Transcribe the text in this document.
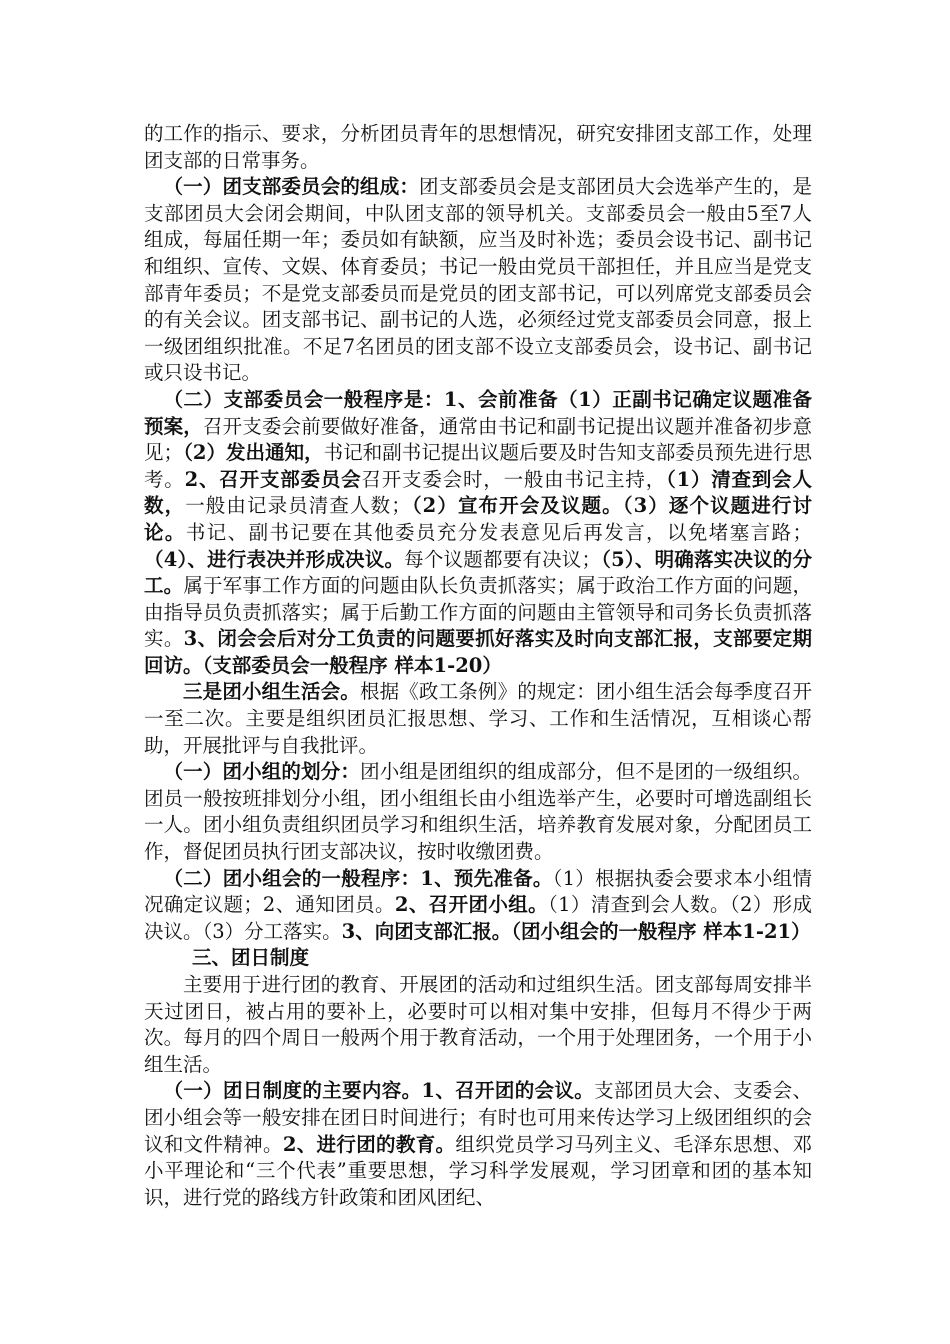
的工作的指示、要求，分析团员青年的思想情况，研究安排团支部工作，处理团支部的日常事务。

（一）团支部委员会的组成：团支部委员会是支部团员大会选举产生的，是支部团员大会闭会期间，中队团支部的领导机关。支部委员会一般由5至7人组成，每届任期一年；委员如有缺额，应当及时补选；委员会设书记、副书记和组织、宣传、文娱、体育委员；书记一般由党员干部担任，并且应当是党支部青年委员；不是党支部委员而是党员的团支部书记，可以列席党支部委员会的有关会议。团支部书记、副书记的人选，必须经过党支部委员会同意，报上一级团组织批准。不足7名团员的团支部不设立支部委员会，设书记、副书记或只设书记。

（二）支部委员会一般程序是：1、会前准备（1）正副书记确定议题准备预案，召开支委会前要做好准备，通常由书记和副书记提出议题并准备初步意见；（2）发出通知，书记和副书记提出议题后要及时告知支部委员预先进行思考。2、召开支部委员会召开支委会时，一般由书记主持，（1）清查到会人数，一般由记录员清查人数；（2）宣布开会及议题。（3）逐个议题进行讨论。书记、副书记要在其他委员充分发表意见后再发言，以免堵塞言路；（4）、进行表决并形成决议。每个议题都要有决议；（5）、明确落实决议的分工。属于军事工作方面的问题由队长负责抓落实；属于政治工作方面的问题，由指导员负责抓落实；属于后勤工作方面的问题由主管领导和司务长负责抓落实。3、闭会会后对分工负责的问题要抓好落实及时向支部汇报，支部要定期回访。（支部委员会一般程序 样本1-20）

三是团小组生活会。根据《政工条例》的规定：团小组生活会每季度召开一至二次。主要是组织团员汇报思想、学习、工作和生活情况，互相谈心帮助，开展批评与自我批评。

（一）团小组的划分：团小组是团组织的组成部分，但不是团的一级组织。团员一般按班排划分小组，团小组组长由小组选举产生，必要时可增选副组长一人。团小组负责组织团员学习和组织生活，培养教育发展对象，分配团员工作，督促团员执行团支部决议，按时收缴团费。

（二）团小组会的一般程序：1、预先准备。（1）根据执委会要求本小组情况确定议题；2、通知团员。2、召开团小组。（1）清查到会人数。（2）形成决议。（3）分工落实。3、向团支部汇报。（团小组会的一般程序 样本1-21）

三、团日制度

主要用于进行团的教育、开展团的活动和过组织生活。团支部每周安排半天过团日，被占用的要补上，必要时可以相对集中安排，但每月不得少于两次。每月的四个周日一般两个用于教育活动，一个用于处理团务，一个用于小组生活。

（一）团日制度的主要内容。1、召开团的会议。支部团员大会、支委会、团小组会等一般安排在团日时间进行；有时也可用来传达学习上级团组织的会议和文件精神。2、进行团的教育。组织党员学习马列主义、毛泽东思想、邓小平理论和“三个代表”重要思想，学习科学发展观，学习团章和团的基本知识，进行党的路线方针政策和团风团纪、
